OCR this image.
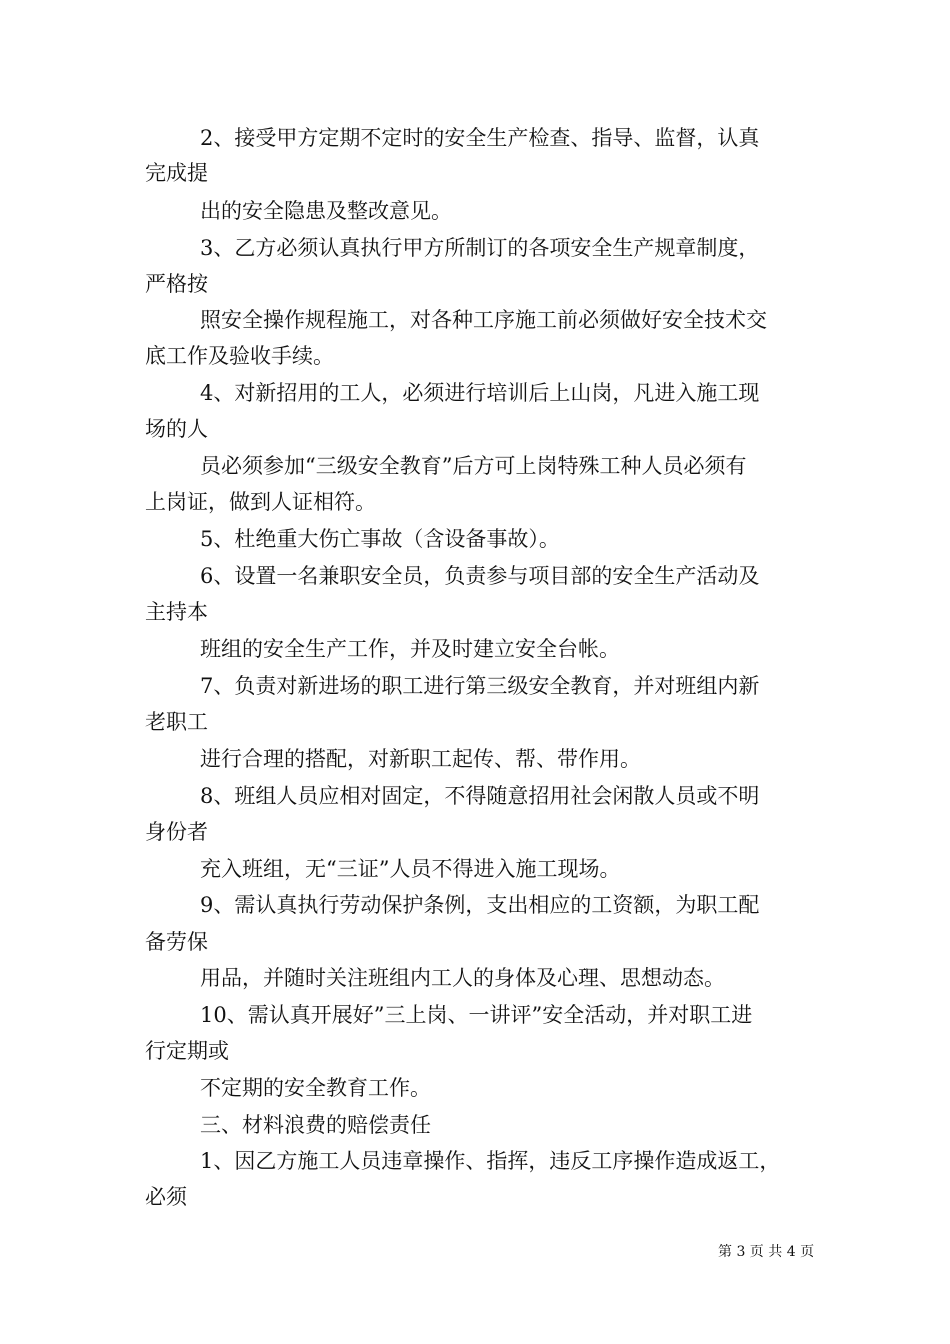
2、接受甲方定期不定时的安全生产检查、指导、监督，认真
完成提
出的安全隐患及整改意见。
3、乙方必须认真执行甲方所制订的各项安全生产规章制度，
严格按
照安全操作规程施工，对各种工序施工前必须做好安全技术交
底工作及验收手续。
4、对新招用的工人，必须进行培训后上山岗，凡进入施工现
场的人
员必须参加“三级安全教育”后方可上岗特殊工种人员必须有
上岗证，做到人证相符。
5、杜绝重大伤亡事故（含设备事故）。
6、设置一名兼职安全员，负责参与项目部的安全生产活动及
主持本
班组的安全生产工作，并及时建立安全台帐。
7、负责对新进场的职工进行第三级安全教育，并对班组内新
老职工
进行合理的搭配，对新职工起传、帮、带作用。
8、班组人员应相对固定，不得随意招用社会闲散人员或不明
身份者
充入班组，无“三证”人员不得进入施工现场。
9、需认真执行劳动保护条例，支出相应的工资额，为职工配
备劳保
用品，并随时关注班组内工人的身体及心理、思想动态。
10、需认真开展好”三上岗、一讲评”安全活动，并对职工进
行定期或
不定期的安全教育工作。
三、材料浪费的赔偿责任
1、因乙方施工人员违章操作、指挥，违反工序操作造成返工，
必须
第 3 页 共 4 页
